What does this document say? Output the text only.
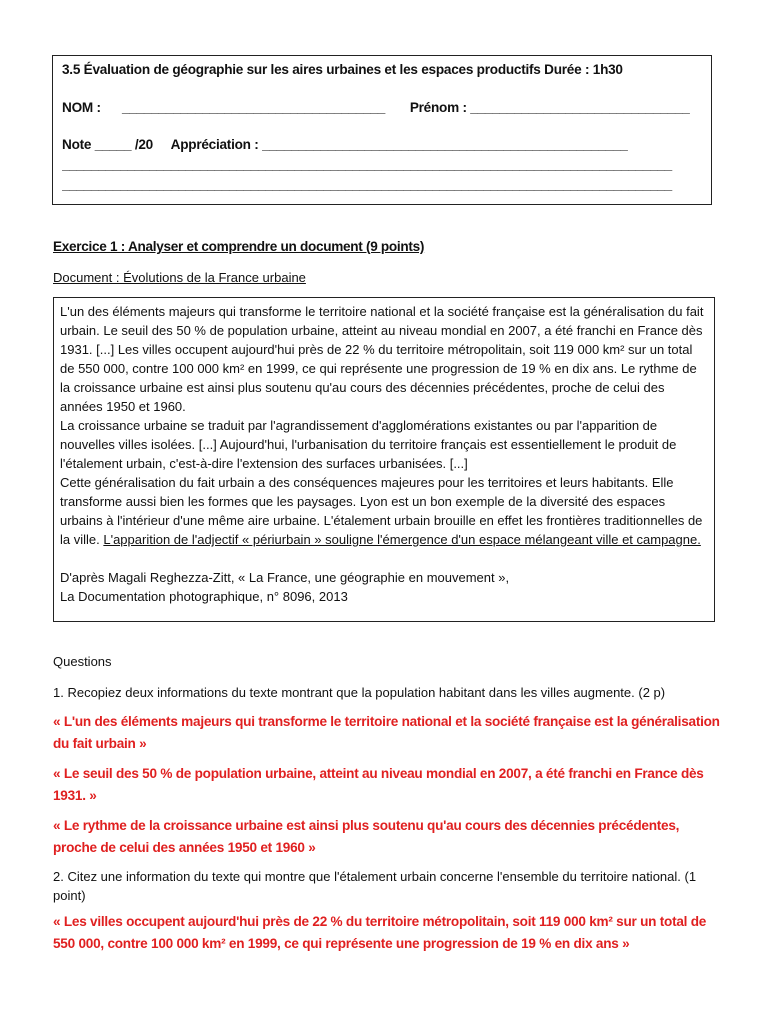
3.5 Évaluation de géographie sur les aires urbaines et les espaces productifs Durée : 1h30
NOM : ____________________________________ Prénom : ______________________________
Note _____ /20 Appréciation : __________________________________________________
____________________________________________________________________________________
____________________________________________________________________________________
Exercice 1 : Analyser et comprendre un document (9 points)
Document : Évolutions de la France urbaine

L'un des éléments majeurs qui transforme le territoire national et la société française est la généralisation du fait urbain. Le seuil des 50 % de population urbaine, atteint au niveau mondial en 2007, a été franchi en France dès 1931. [...] Les villes occupent aujourd'hui près de 22 % du territoire métropolitain, soit 119 000 km² sur un total de 550 000, contre 100 000 km² en 1999, ce qui représente une progression de 19 % en dix ans. Le rythme de la croissance urbaine est ainsi plus soutenu qu'au cours des décennies précédentes, proche de celui des années 1950 et 1960.

La croissance urbaine se traduit par l'agrandissement d'agglomérations existantes ou par l'apparition de nouvelles villes isolées. [...] Aujourd'hui, l'urbanisation du territoire français est essentiellement le produit de l'étalement urbain, c'est-à-dire l'extension des surfaces urbanisées. [...]

Cette généralisation du fait urbain a des conséquences majeures pour les territoires et leurs habitants. Elle transforme aussi bien les formes que les paysages. Lyon est un bon exemple de la diversité des espaces urbains à l'intérieur d'une même aire urbaine. L'étalement urbain brouille en effet les frontières traditionnelles de la ville. L'apparition de l'adjectif « périurbain » souligne l'émergence d'un espace mélangeant ville et campagne.

D'après Magali Reghezza-Zitt, « La France, une géographie en mouvement »,

La Documentation photographique, n° 8096, 2013

Questions

1. Recopiez deux informations du texte montrant que la population habitant dans les villes augmente. (2 p)

« L'un des éléments majeurs qui transforme le territoire national et la société française est la généralisation du fait urbain »

« Le seuil des 50 % de population urbaine, atteint au niveau mondial en 2007, a été franchi en France dès 1931. »

« Le rythme de la croissance urbaine est ainsi plus soutenu qu'au cours des décennies précédentes, proche de celui des années 1950 et 1960 »

2. Citez une information du texte qui montre que l'étalement urbain concerne l'ensemble du territoire national. (1 point)

« Les villes occupent aujourd'hui près de 22 % du territoire métropolitain, soit 119 000 km² sur un total de 550 000, contre 100 000 km² en 1999, ce qui représente une progression de 19 % en dix ans »
